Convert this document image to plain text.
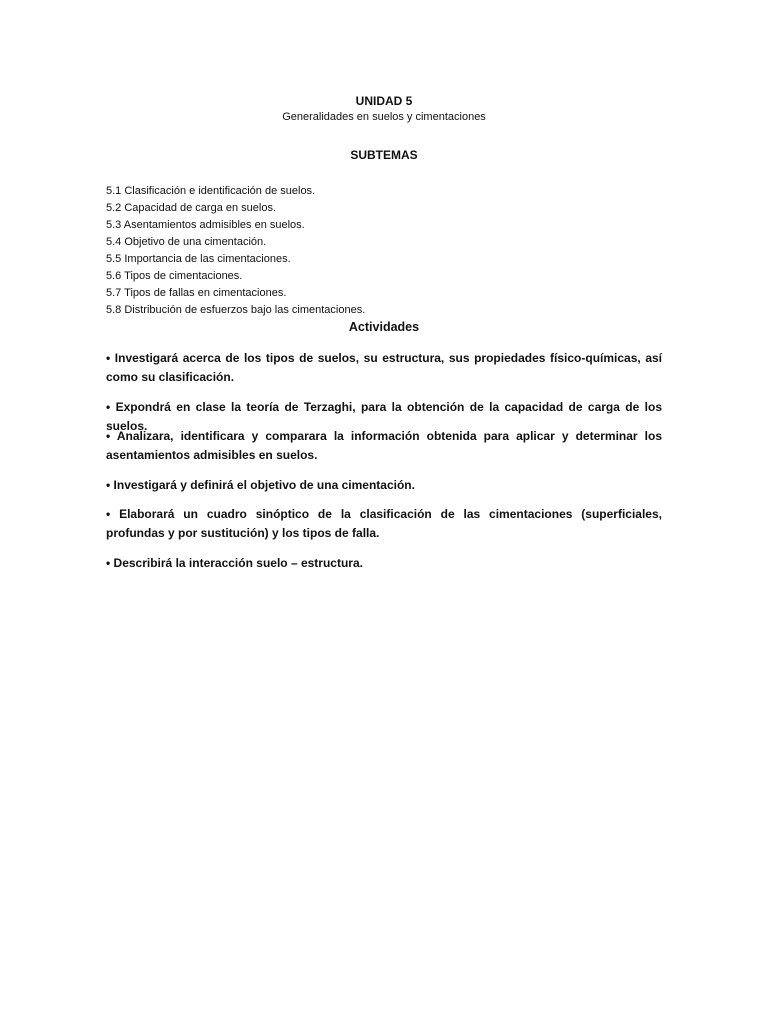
UNIDAD 5
Generalidades en suelos y cimentaciones
SUBTEMAS
5.1 Clasificación e identificación de suelos.
5.2 Capacidad de carga en suelos.
5.3 Asentamientos admisibles en suelos.
5.4 Objetivo de una cimentación.
5.5 Importancia de las cimentaciones.
5.6 Tipos de cimentaciones.
5.7 Tipos de fallas en cimentaciones.
5.8 Distribución de esfuerzos bajo las cimentaciones.
Actividades

• Investigará acerca de los tipos de suelos, su estructura, sus propiedades físico-químicas, así como su clasificación.

• Expondrá en clase la teoría de Terzaghi, para la obtención de la capacidad de carga de los suelos.

• Analizara, identificara y comparara la información obtenida para aplicar y determinar los asentamientos admisibles en suelos.

• Investigará y definirá el objetivo de una cimentación.

• Elaborará un cuadro sinóptico de la clasificación de las cimentaciones (superficiales, profundas y por sustitución) y los tipos de falla.

• Describirá la interacción suelo – estructura.
